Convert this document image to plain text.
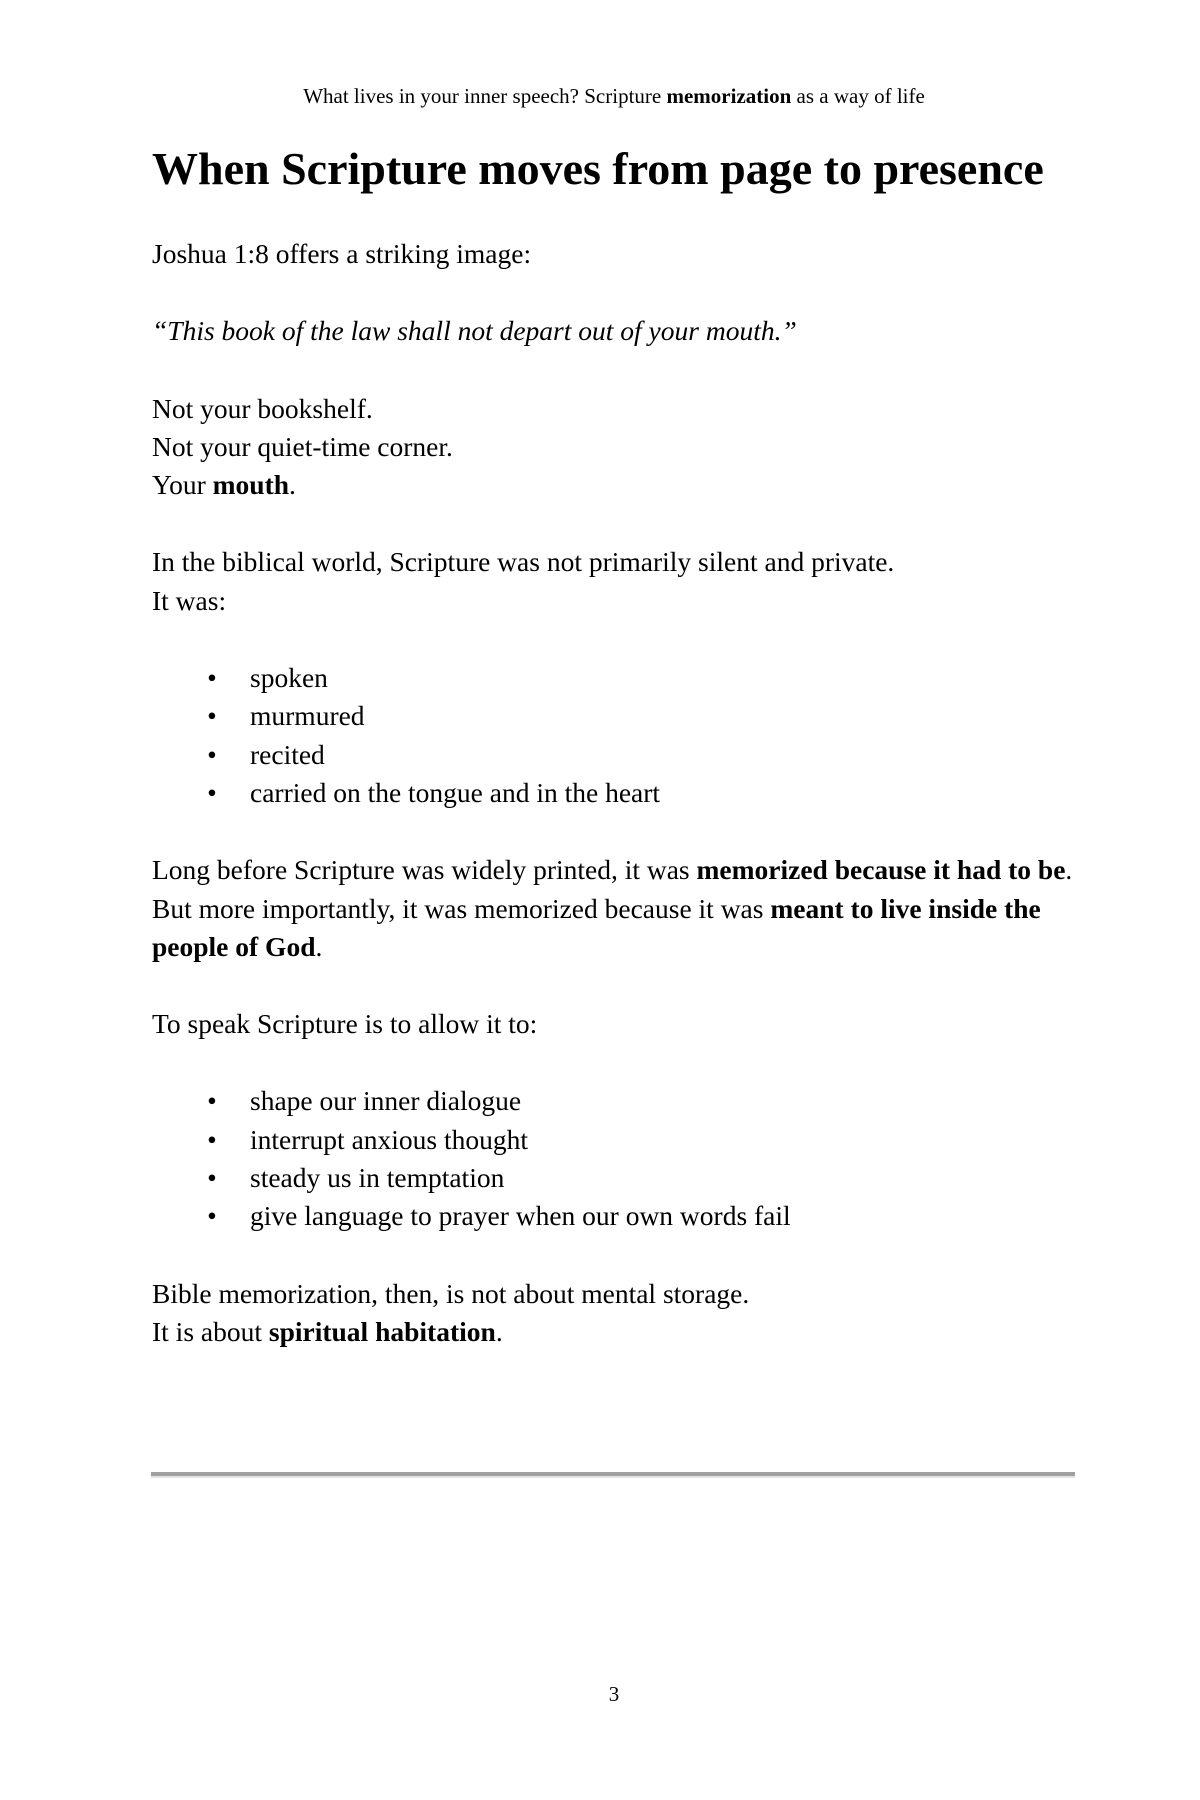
What lives in your inner speech? Scripture memorization as a way of life
When Scripture moves from page to presence

Joshua 1:8 offers a striking image:

“This book of the law shall not depart out of your mouth.”

Not your bookshelf.

Not your quiet-time corner.

Your mouth.

In the biblical world, Scripture was not primarily silent and private.

It was:

• spoken
• murmured
• recited
• carried on the tongue and in the heart

Long before Scripture was widely printed, it was memorized because it had to be. But more importantly, it was memorized because it was meant to live inside the people of God.

To speak Scripture is to allow it to:

• shape our inner dialogue
• interrupt anxious thought
• steady us in temptation
• give language to prayer when our own words fail

Bible memorization, then, is not about mental storage.

It is about spiritual habitation.

3
